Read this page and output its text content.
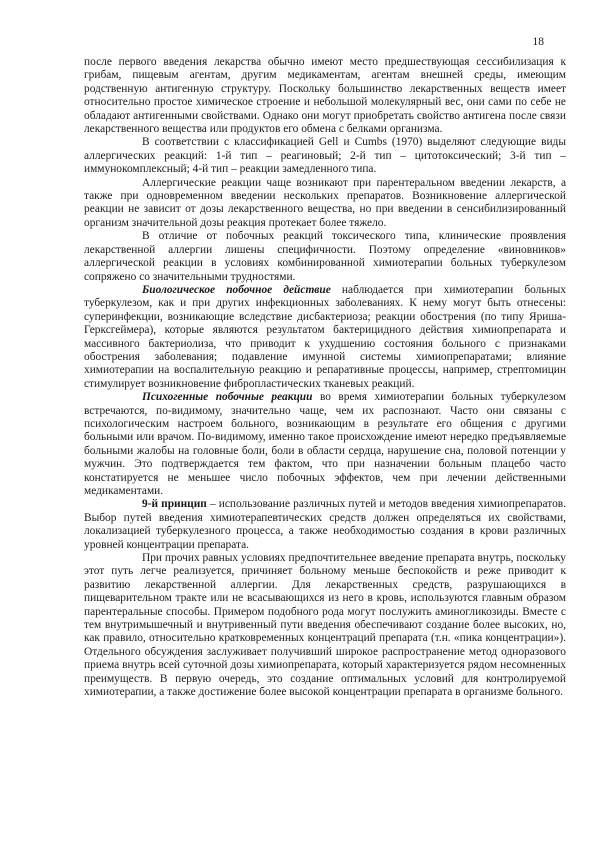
18

после первого введения лекарства обычно имеют место предшествующая сессибилизация к грибам, пищевым агентам, другим медикаментам, агентам внешней среды, имеющим родственную антигенную структуру. Поскольку большинство лекарственных веществ имеет относительно простое химическое строение и небольшой молекулярный вес, они сами по себе не обладают антигенными свойствами. Однако они могут приобретать свойство антигена после связи лекарственного вещества или продуктов его обмена с белками организма.

В соответствии с классификацией Gell и Cumbs (1970) выделяют следующие виды аллергических реакций: 1-й тип – реагиновый; 2-й тип – цитотоксический; 3-й тип – иммунокомплексный; 4-й тип – реакции замедленного типа.

Аллергические реакции чаще возникают при парентеральном введении лекарств, а также при одновременном введении нескольких препаратов. Возникновение аллергической реакции не зависит от дозы лекарственного вещества, но при введении в сенсибилизированный организм значительной дозы реакция протекает более тяжело.

В отличие от побочных реакций токсического типа, клинические проявления лекарственной аллергии лишены специфичности. Поэтому определение «виновников» аллергической реакции в условиях комбинированной химиотерапии больных туберкулезом сопряжено со значительными трудностями.

Биологическое побочное действие наблюдается при химиотерапии больных туберкулезом, как и при других инфекционных заболеваниях. К нему могут быть отнесены: суперинфекции, возникающие вследствие дисбактериоза; реакции обострения (по типу Яриша-Герксгеймера), которые являются результатом бактерицидного действия химиопрепарата и массивного бактериолиза, что приводит к ухудшению состояния больного с признаками обострения заболевания; подавление имунной системы химиопрепаратами; влияние химиотерапии на воспалительную реакцию и репаративные процессы, например, стрептомицин стимулирует возникновение фибропластических тканевых реакций.

Психогенные побочные реакции во время химиотерапии больных туберкулезом встречаются, по-видимому, значительно чаще, чем их распознают. Часто они связаны с психологическим настроем больного, возникающим в результате его общения с другими больными или врачом. По-видимому, именно такое происхождение имеют нередко предъявляемые больными жалобы на головные боли, боли в области сердца, нарушение сна, половой потенции у мужчин. Это подтверждается тем фактом, что при назначении больным плацебо часто констатируется не меньшее число побочных эффектов, чем при лечении действенными медикаментами.

9-й принцип – использование различных путей и методов введения химиопрепаратов. Выбор путей введения химиотерапевтических средств должен определяться их свойствами, локализацией туберкулезного процесса, а также необходимостью создания в крови различных уровней концентрации препарата.

При прочих равных условиях предпочтительнее введение препарата внутрь, поскольку этот путь легче реализуется, причиняет больному меньше беспокойств и реже приводит к развитию лекарственной аллергии. Для лекарственных средств, разрушающихся в пищеварительном тракте или не всасывающихся из него в кровь, используются главным образом парентеральные способы. Примером подобного рода могут послужить аминогликозиды. Вместе с тем внутримышечный и внутривенный пути введения обеспечивают создание более высоких, но, как правило, относительно кратковременных концентраций препарата (т.н. «пика концентрации»). Отдельного обсуждения заслуживает получивший широкое распространение метод одноразового приема внутрь всей суточной дозы химиопрепарата, который характеризуется рядом несомненных преимуществ. В первую очередь, это создание оптимальных условий для контролируемой химиотерапии, а также достижение более высокой концентрации препарата в организме больного.
